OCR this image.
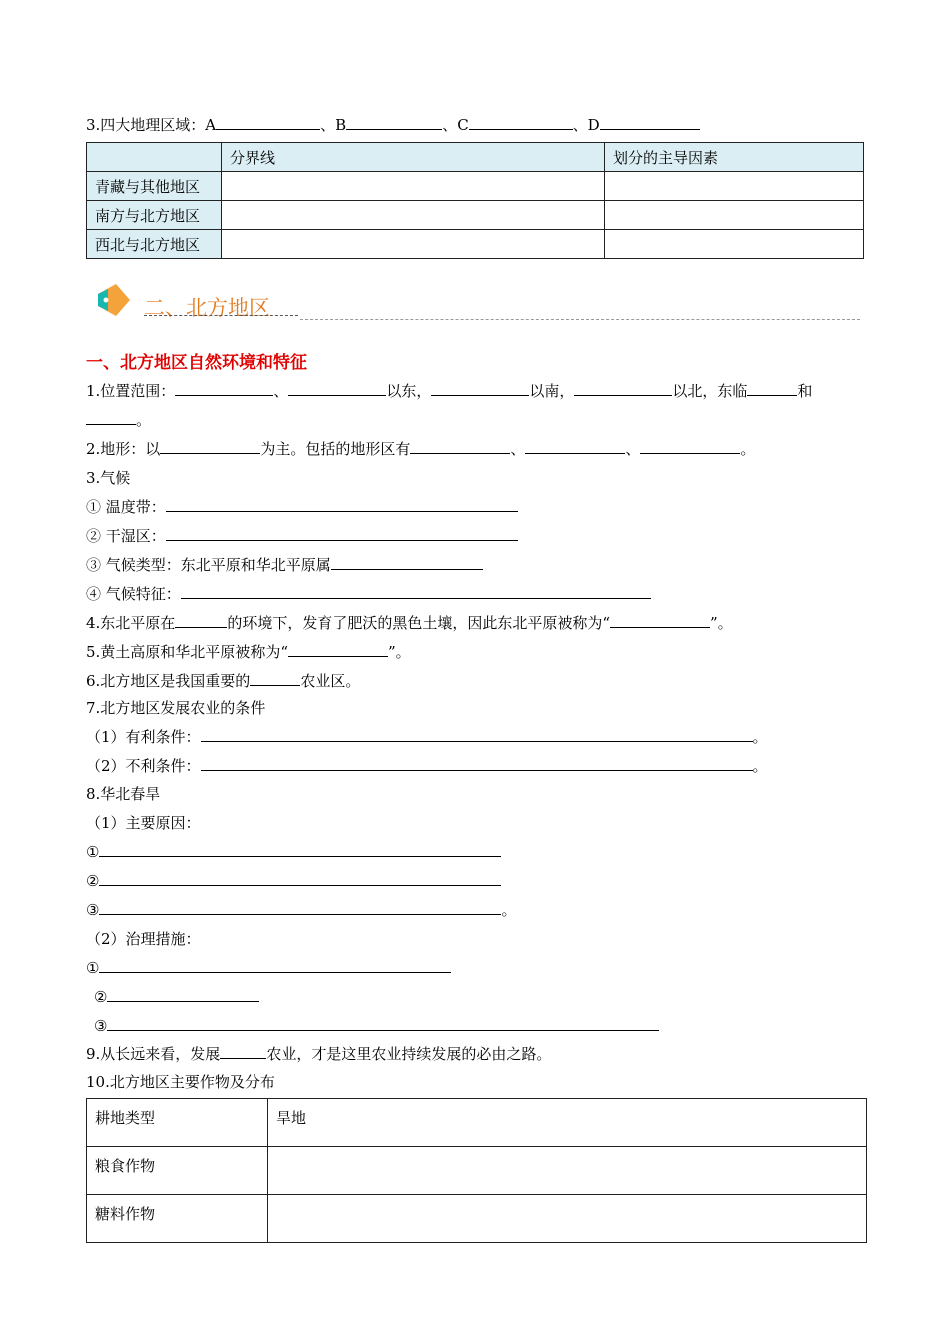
3.四大地理区域：A	、B	、C	、D
	分界线	划分的主导因素
青藏与其他地区		
南方与北方地区		
西北与北方地区		
二、北方地区
一、北方地区自然环境和特征
1.位置范围：	、	以东，	以南，	以北，东临	和
。
2.地形：以	为主。包括的地形区有	、	、	。
3.气候
① 温度带：
② 干湿区：
③ 气候类型：东北平原和华北平原属
④ 气候特征：
4.东北平原在	的环境下，发育了肥沃的黑色土壤，因此东北平原被称为“	”。
5.黄土高原和华北平原被称为“	”。
6.北方地区是我国重要的	农业区。
7.北方地区发展农业的条件
（1）有利条件：	。
（2）不利条件：	。
8.华北春旱
（1）主要原因：
①
②
③	。
（2）治理措施：
①
②
③
9.从长远来看，发展	农业，才是这里农业持续发展的必由之路。
10.北方地区主要作物及分布
耕地类型	旱地
粮食作物	
糖料作物	
